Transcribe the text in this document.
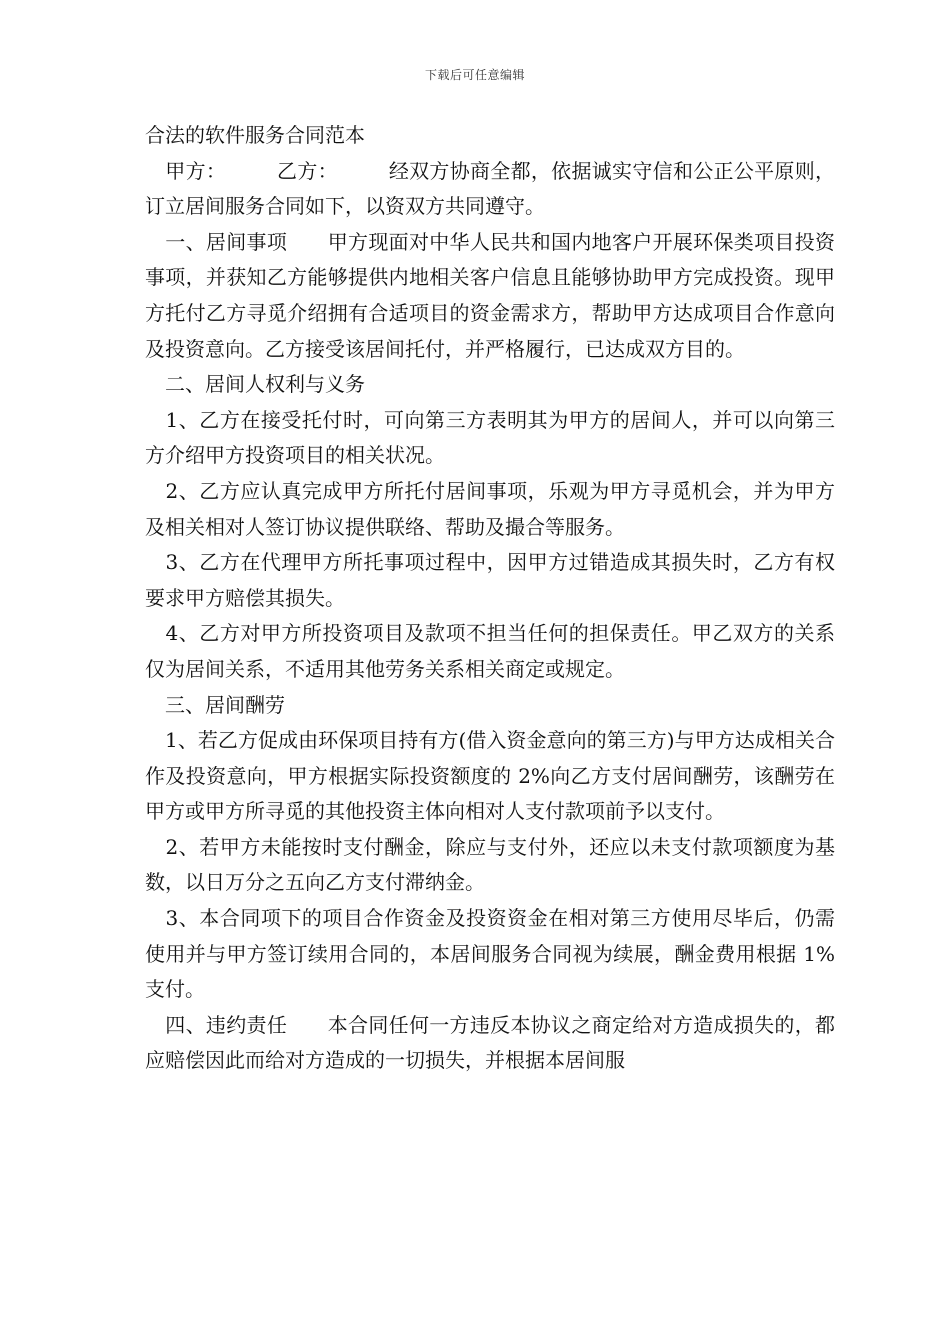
下载后可任意编辑

合法的软件服务合同范本

　甲方：　　　乙方：　　　经双方协商全都，依据诚实守信和公正公平原则，订立居间服务合同如下，以资双方共同遵守。

　一、居间事项　　甲方现面对中华人民共和国内地客户开展环保类项目投资 事项，并获知乙方能够提供内地相关客户信息且能够协助甲方完成投资。现甲方托付乙方寻觅介绍拥有合适项目的资金需求方，帮助甲方达成项目合作意向及投资意向。乙方接受该居间托付，并严格履行，已达成双方目的。

　二、居间人权利与义务

　1、乙方在接受托付时，可向第三方表明其为甲方的居间人，并可以向第三方介绍甲方投资项目的相关状况。

　2、乙方应认真完成甲方所托付居间事项，乐观为甲方寻觅机会，并为甲方及相关相对人签订协议提供联络、帮助及撮合等服务。

　3、乙方在代理甲方所托事项过程中，因甲方过错造成其损失时，乙方有权要求甲方赔偿其损失。

　4、乙方对甲方所投资项目及款项不担当任何的担保责任。甲乙双方的关系仅为居间关系，不适用其他劳务关系相关商定或规定。

　三、居间酬劳

　1、若乙方促成由环保项目持有方(借入资金意向的第三方)与甲方达成相关合作及投资意向，甲方根据实际投资额度的 2%向乙方支付居间酬劳，该酬劳在甲方或甲方所寻觅的其他投资主体向相对人支付款项前予以支付。

　2、若甲方未能按时支付酬金，除应与支付外，还应以未支付款项额度为基数，以日万分之五向乙方支付滞纳金。

　3、本合同项下的项目合作资金及投资资金在相对第三方使用尽毕后，仍需使用并与甲方签订续用合同的，本居间服务合同视为续展，酬金费用根据 1%支付。

　四、违约责任　　本合同任何一方违反本协议之商定给对方造成损失的，都应赔偿因此而给对方造成的一切损失，并根据本居间服
